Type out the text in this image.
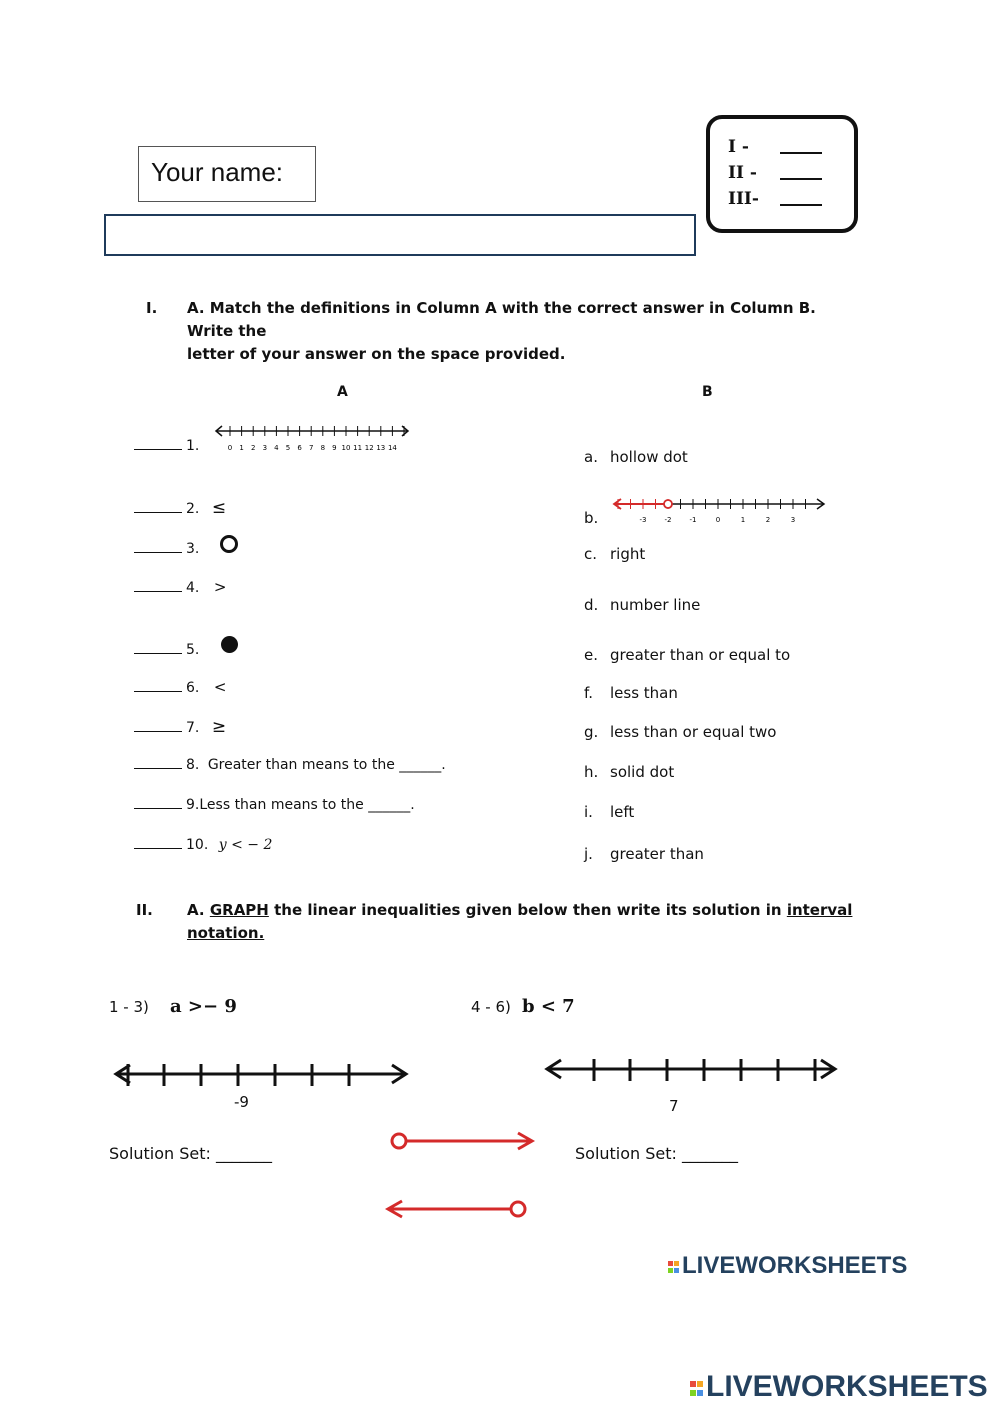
Your name:
I -
II -
III-
I. A. Match the definitions in Column A with the correct answer in Column B. Write the
letter of your answer on the space provided.
A	B
1.	0 1 2 3 4 5 6 7 8 9 10 11 12 13 14
2. ≤
3.
4. >
5.
6. <
7. ≥
8. Greater than means to the ______.
9.Less than means to the ______.
10. y < − 2
a. hollow dot
b.	-3	-2	-1	0	1	2	3
c. right
d. number line
e. greater than or equal to
f. less than
g. less than or equal two
h. solid dot
i. left
j. greater than
II. A. GRAPH the linear inequalities given below then write its solution in interval
notation.
1 - 3) a >− 9	4 - 6) b < 7
-9	7
Solution Set: _______	Solution Set: _______

LIVEWORKSHEETS

LIVEWORKSHEETS
